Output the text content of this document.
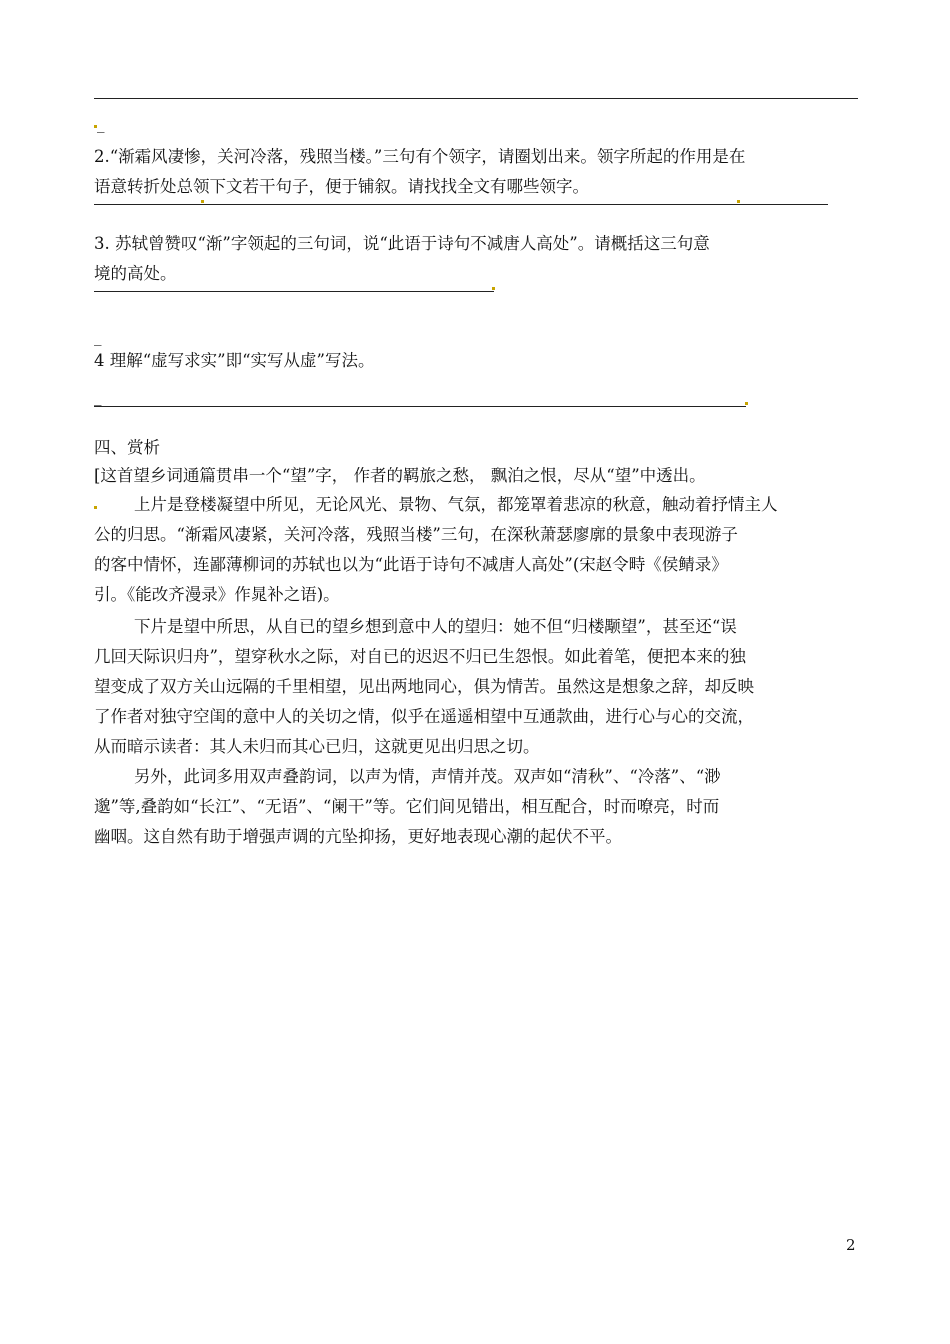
_
2.“渐霜风凄惨，关河冷落，残照当楼。”三句有个领字，请圈划出来。领字所起的作用是在
语意转折处总领下文若干句子，便于铺叙。请找找全文有哪些领字。
3. 苏轼曾赞叹“渐”字领起的三句词，说“此语于诗句不减唐人高处”。请概括这三句意
境的高处。
_
4 理解“虚写求实”即“实写从虚”写法。
_
四、赏析
[这首望乡词通篇贯串一个“望”字， 作者的羁旅之愁， 飘泊之恨，尽从“望”中透出。
上片是登楼凝望中所见，无论风光、景物、气氛，都笼罩着悲凉的秋意，触动着抒情主人
公的归思。“渐霜风凄紧，关河冷落，残照当楼”三句，在深秋萧瑟廖廓的景象中表现游子
的客中情怀，连鄙薄柳词的苏轼也以为“此语于诗句不减唐人高处”(宋赵令畤《侯鲭录》
引。《能改齐漫录》作晁补之语)。
下片是望中所思，从自已的望乡想到意中人的望归：她不但“归楼颙望”，甚至还“误
几回天际识归舟”，望穿秋水之际，对自已的迟迟不归已生怨恨。如此着笔，便把本来的独
望变成了双方关山远隔的千里相望，见出两地同心，俱为情苦。虽然这是想象之辞，却反映
了作者对独守空闺的意中人的关切之情，似乎在遥遥相望中互通款曲，进行心与心的交流，
从而暗示读者：其人未归而其心已归，这就更见出归思之切。
另外，此词多用双声叠韵词，以声为情，声情并茂。双声如“清秋”、“冷落”、“渺
邈”等,叠韵如“长江”、“无语”、“阑干”等。它们间见错出，相互配合，时而嘹亮，时而
幽咽。这自然有助于增强声调的亢坠抑扬，更好地表现心潮的起伏不平。
2
